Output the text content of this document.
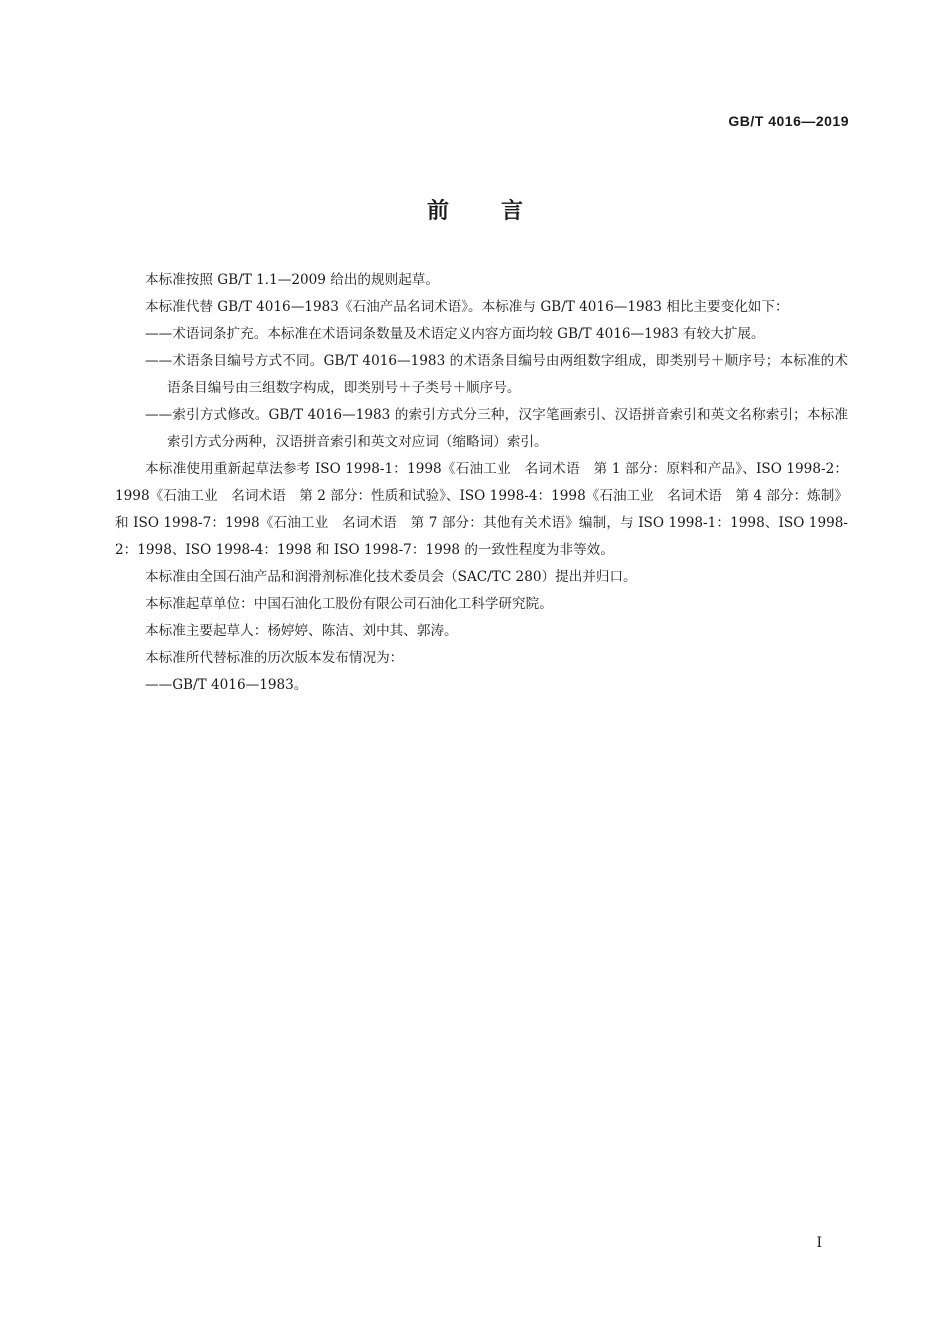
GB/T 4016—2019
前言

本标准按照 GB/T 1.1—2009 给出的规则起草。

本标准代替 GB/T 4016—1983《石油产品名词术语》。本标准与 GB/T 4016—1983 相比主要变化如下：

——术语词条扩充。本标准在术语词条数量及术语定义内容方面均较 GB/T 4016—1983 有较大扩展。

——术语条目编号方式不同。GB/T 4016—1983 的术语条目编号由两组数字组成，即类别号＋顺序号；本标准的术语条目编号由三组数字构成，即类别号＋子类号＋顺序号。

——索引方式修改。GB/T 4016—1983 的索引方式分三种，汉字笔画索引、汉语拼音索引和英文名称索引；本标准索引方式分两种，汉语拼音索引和英文对应词（缩略词）索引。

本标准使用重新起草法参考 ISO 1998-1：1998《石油工业　名词术语　第 1 部分：原料和产品》、ISO 1998-2：1998《石油工业　名词术语　第 2 部分：性质和试验》、ISO 1998-4：1998《石油工业　名词术语　第 4 部分：炼制》和 ISO 1998-7：1998《石油工业　名词术语　第 7 部分：其他有关术语》编制，与 ISO 1998-1：1998、ISO 1998-2：1998、ISO 1998-4：1998 和 ISO 1998-7：1998 的一致性程度为非等效。

本标准由全国石油产品和润滑剂标准化技术委员会（SAC/TC 280）提出并归口。

本标准起草单位：中国石油化工股份有限公司石油化工科学研究院。

本标准主要起草人：杨婷婷、陈洁、刘中其、郭涛。

本标准所代替标准的历次版本发布情况为：

——GB/T 4016—1983。

I
